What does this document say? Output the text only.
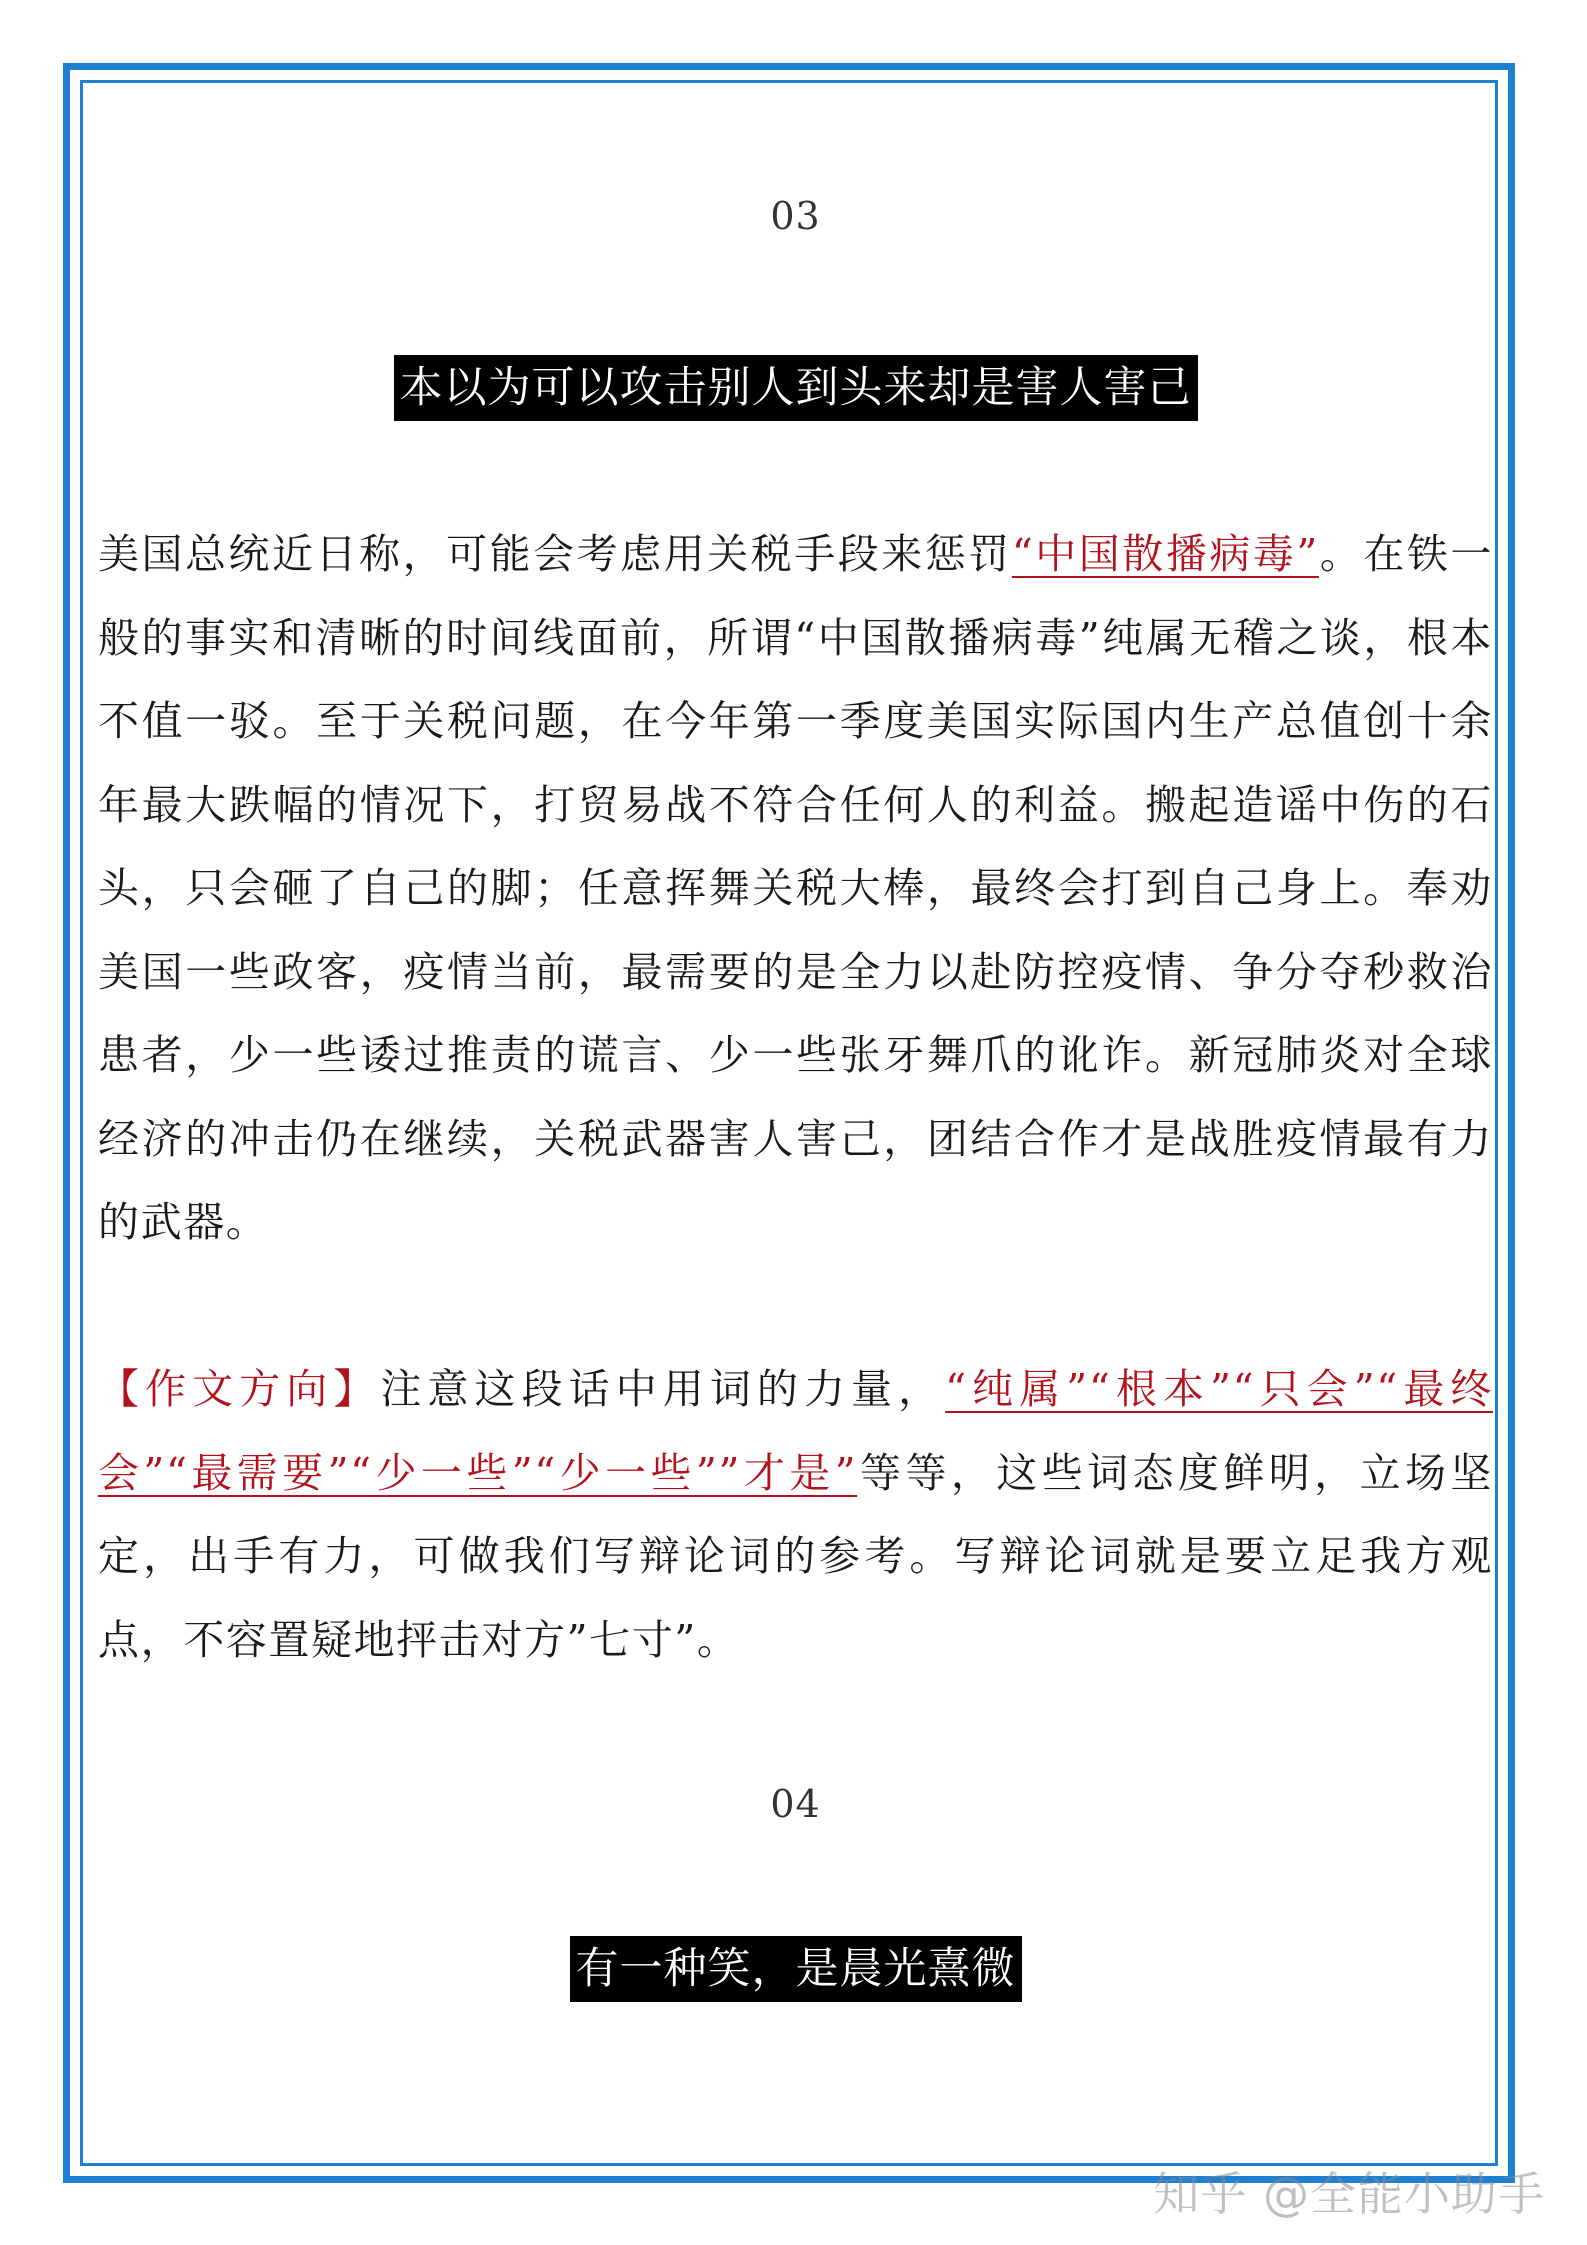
03
本以为可以攻击别人到头来却是害人害己

美国总统近日称，可能会考虑用关税手段来惩罚“中国散播病毒”。在铁一般的事实和清晰的时间线面前，所谓“中国散播病毒”纯属无稽之谈，根本不值一驳。至于关税问题，在今年第一季度美国实际国内生产总值创十余年最大跌幅的情况下，打贸易战不符合任何人的利益。搬起造谣中伤的石头，只会砸了自己的脚；任意挥舞关税大棒，最终会打到自己身上。奉劝美国一些政客，疫情当前，最需要的是全力以赴防控疫情、争分夺秒救治患者，少一些诿过推责的谎言、少一些张牙舞爪的讹诈。新冠肺炎对全球经济的冲击仍在继续，关税武器害人害己，团结合作才是战胜疫情最有力的武器。

【作文方向】注意这段话中用词的力量，“纯属”“根本”“只会”“最终会”“最需要”“少一些”“少一些””才是”等等，这些词态度鲜明，立场坚定，出手有力，可做我们写辩论词的参考。写辩论词就是要立足我方观点，不容置疑地抨击对方”七寸”。

04
有一种笑，是晨光熹微
知乎 @全能小助手
